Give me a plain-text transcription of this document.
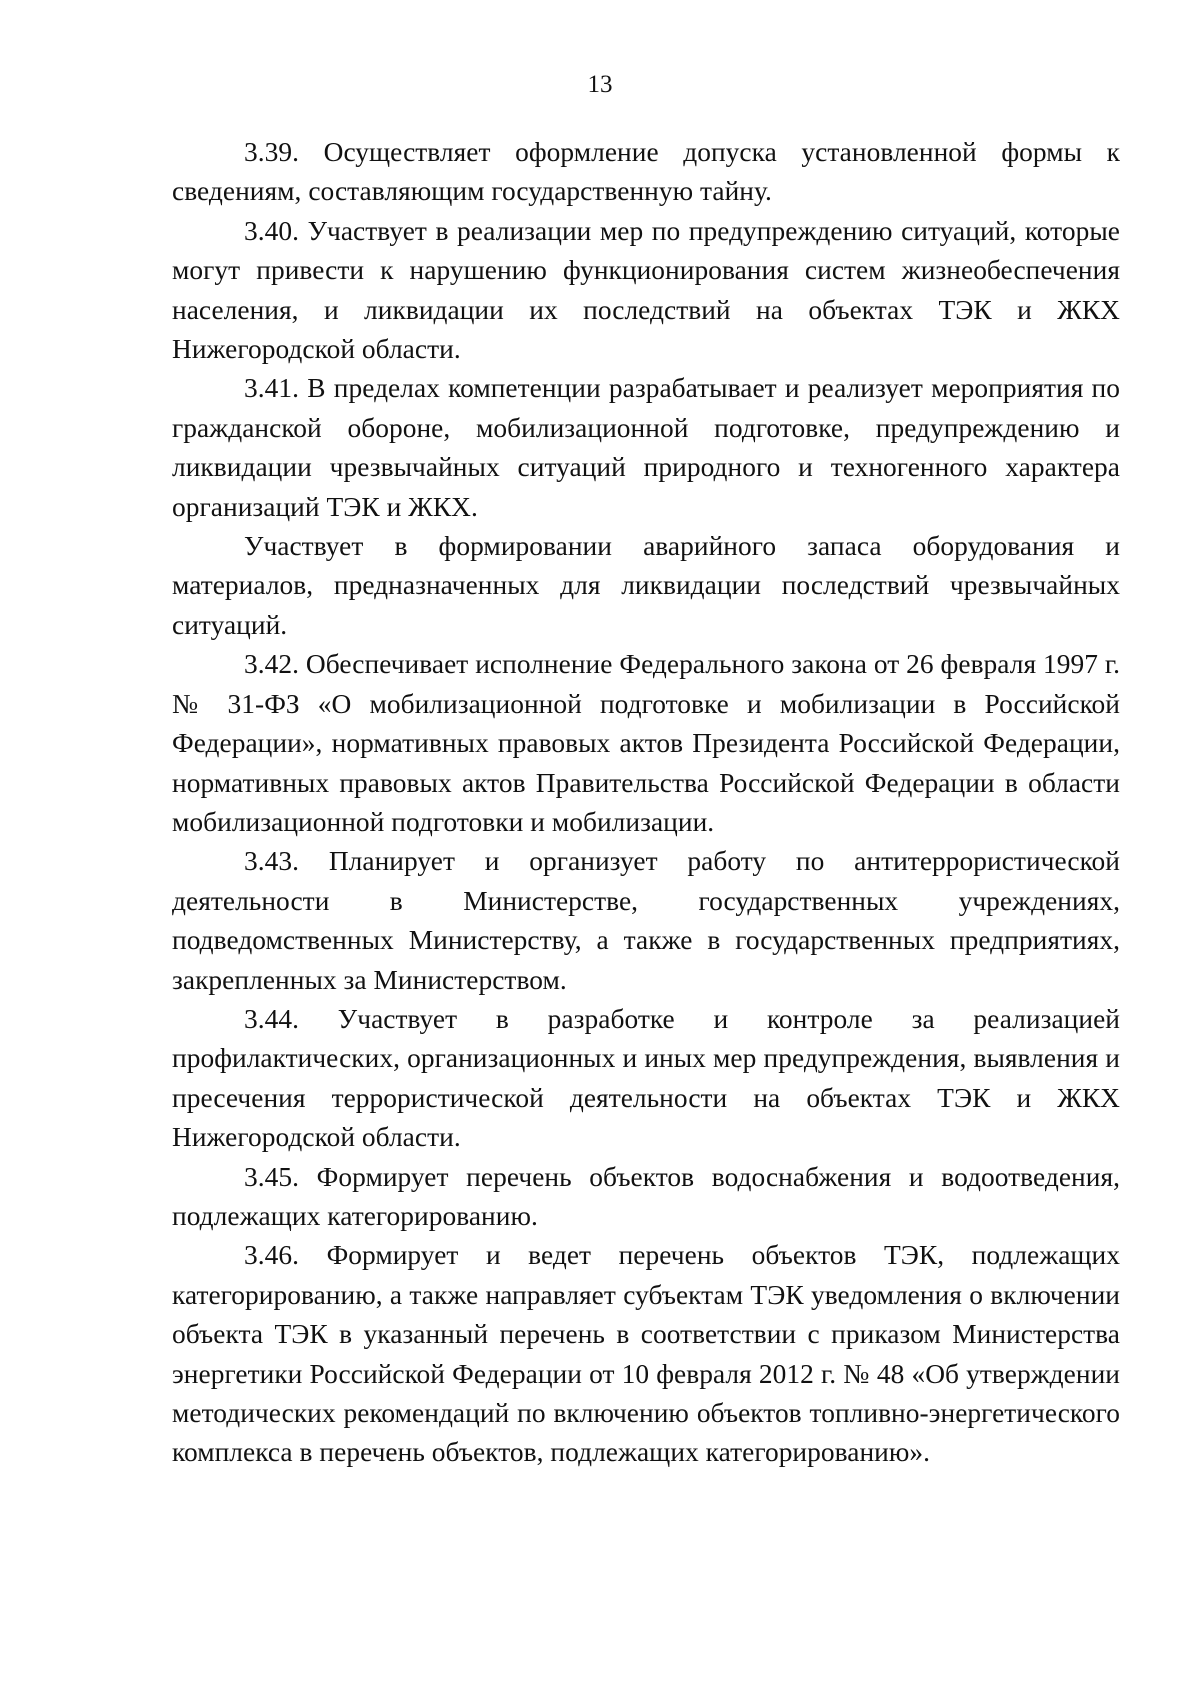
13

3.39. Осуществляет оформление допуска установленной формы к сведениям, составляющим государственную тайну.

3.40. Участвует в реализации мер по предупреждению ситуаций, которые могут привести к нарушению функционирования систем жизнеобеспечения населения, и ликвидации их последствий на объектах ТЭК и ЖКХ Нижегородской области.

3.41. В пределах компетенции разрабатывает и реализует мероприятия по гражданской обороне, мобилизационной подготовке, предупреждению и ликвидации чрезвычайных ситуаций природного и техногенного характера организаций ТЭК и ЖКХ.

Участвует в формировании аварийного запаса оборудования и материалов, предназначенных для ликвидации последствий чрезвычайных ситуаций.

3.42. Обеспечивает исполнение Федерального закона от 26 февраля 1997 г. № 31-ФЗ «О мобилизационной подготовке и мобилизации в Российской Федерации», нормативных правовых актов Президента Российской Федерации, нормативных правовых актов Правительства Российской Федерации в области мобилизационной подготовки и мобилизации.

3.43. Планирует и организует работу по антитеррористической деятельности в Министерстве, государственных учреждениях, подведомственных Министерству, а также в государственных предприятиях, закрепленных за Министерством.

3.44. Участвует в разработке и контроле за реализацией профилактических, организационных и иных мер предупреждения, выявления и пресечения террористической деятельности на объектах ТЭК и ЖКХ Нижегородской области.

3.45. Формирует перечень объектов водоснабжения и водоотведения, подлежащих категорированию.

3.46. Формирует и ведет перечень объектов ТЭК, подлежащих категорированию, а также направляет субъектам ТЭК уведомления о включении объекта ТЭК в указанный перечень в соответствии с приказом Министерства энергетики Российской Федерации от 10 февраля 2012 г. № 48 «Об утверждении методических рекомендаций по включению объектов топливно-энергетического комплекса в перечень объектов, подлежащих категорированию».
